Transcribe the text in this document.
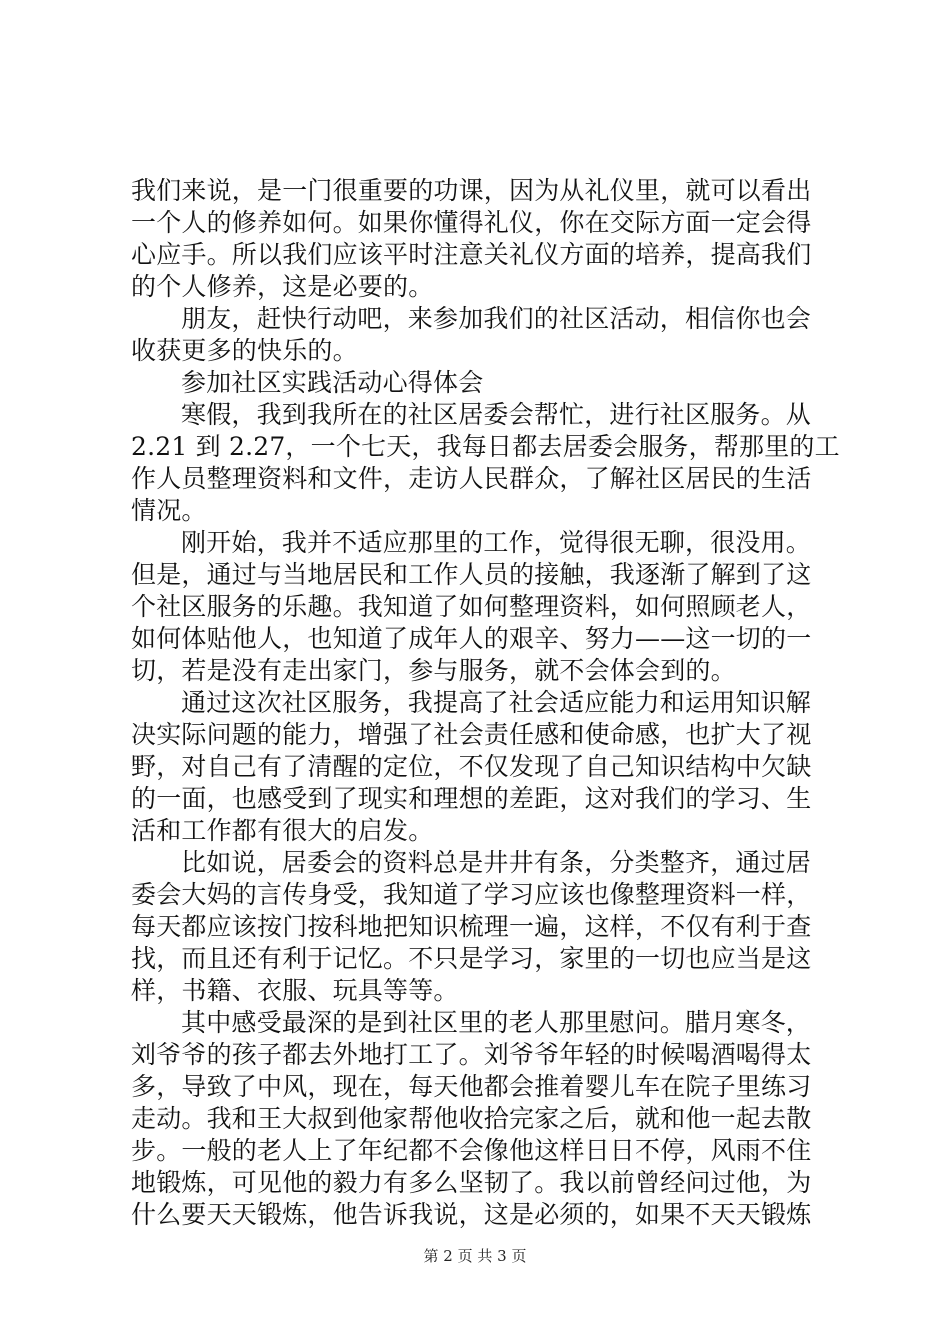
我们来说，是一门很重要的功课，因为从礼仪里，就可以看出
一个人的修养如何。如果你懂得礼仪，你在交际方面一定会得
心应手。所以我们应该平时注意关礼仪方面的培养，提高我们
的个人修养，这是必要的。
朋友，赶快行动吧，来参加我们的社区活动，相信你也会
收获更多的快乐的。
参加社区实践活动心得体会
寒假，我到我所在的社区居委会帮忙，进行社区服务。从
2.21 到 2.27，一个七天，我每日都去居委会服务，帮那里的工
作人员整理资料和文件，走访人民群众，了解社区居民的生活
情况。
刚开始，我并不适应那里的工作，觉得很无聊，很没用。
但是，通过与当地居民和工作人员的接触，我逐渐了解到了这
个社区服务的乐趣。我知道了如何整理资料，如何照顾老人，
如何体贴他人，也知道了成年人的艰辛、努力——这一切的一
切，若是没有走出家门，参与服务，就不会体会到的。
通过这次社区服务，我提高了社会适应能力和运用知识解
决实际问题的能力，增强了社会责任感和使命感，也扩大了视
野，对自己有了清醒的定位，不仅发现了自己知识结构中欠缺
的一面，也感受到了现实和理想的差距，这对我们的学习、生
活和工作都有很大的启发。
比如说，居委会的资料总是井井有条，分类整齐，通过居
委会大妈的言传身受，我知道了学习应该也像整理资料一样，
每天都应该按门按科地把知识梳理一遍，这样，不仅有利于查
找，而且还有利于记忆。不只是学习，家里的一切也应当是这
样，书籍、衣服、玩具等等。
其中感受最深的是到社区里的老人那里慰问。腊月寒冬，
刘爷爷的孩子都去外地打工了。刘爷爷年轻的时候喝酒喝得太
多，导致了中风，现在，每天他都会推着婴儿车在院子里练习
走动。我和王大叔到他家帮他收拾完家之后，就和他一起去散
步。一般的老人上了年纪都不会像他这样日日不停，风雨不住
地锻炼，可见他的毅力有多么坚韧了。我以前曾经问过他，为
什么要天天锻炼，他告诉我说，这是必须的，如果不天天锻炼
第 2 页 共 3 页
